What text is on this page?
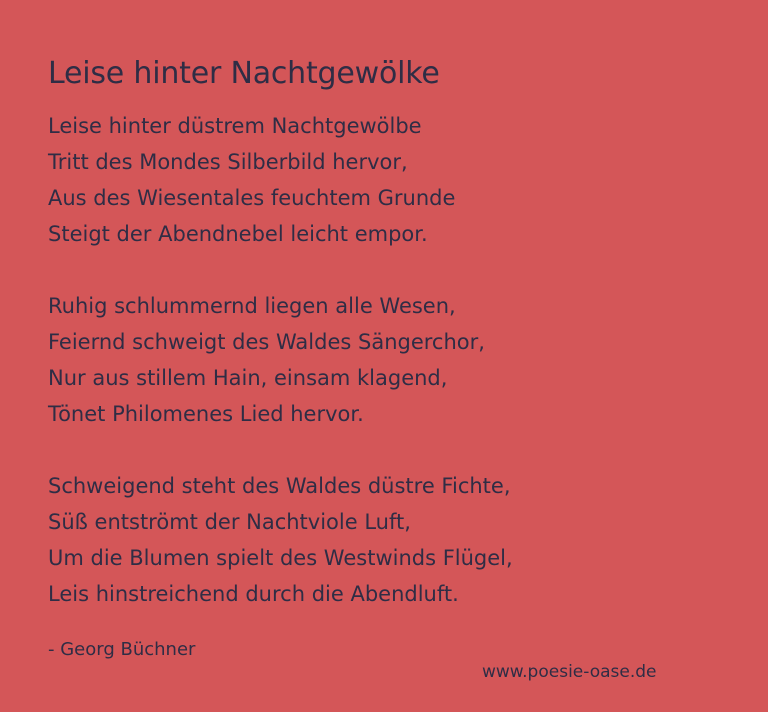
Leise hinter Nachtgewölke
Leise hinter düstrem Nachtgewölbe
Tritt des Mondes Silberbild hervor,
Aus des Wiesentales feuchtem Grunde
Steigt der Abendnebel leicht empor.
Ruhig schlummernd liegen alle Wesen,
Feiernd schweigt des Waldes Sängerchor,
Nur aus stillem Hain, einsam klagend,
Tönet Philomenes Lied hervor.
Schweigend steht des Waldes düstre Fichte,
Süß entströmt der Nachtviole Luft,
Um die Blumen spielt des Westwinds Flügel,
Leis hinstreichend durch die Abendluft.
- Georg Büchner
www.poesie-oase.de
